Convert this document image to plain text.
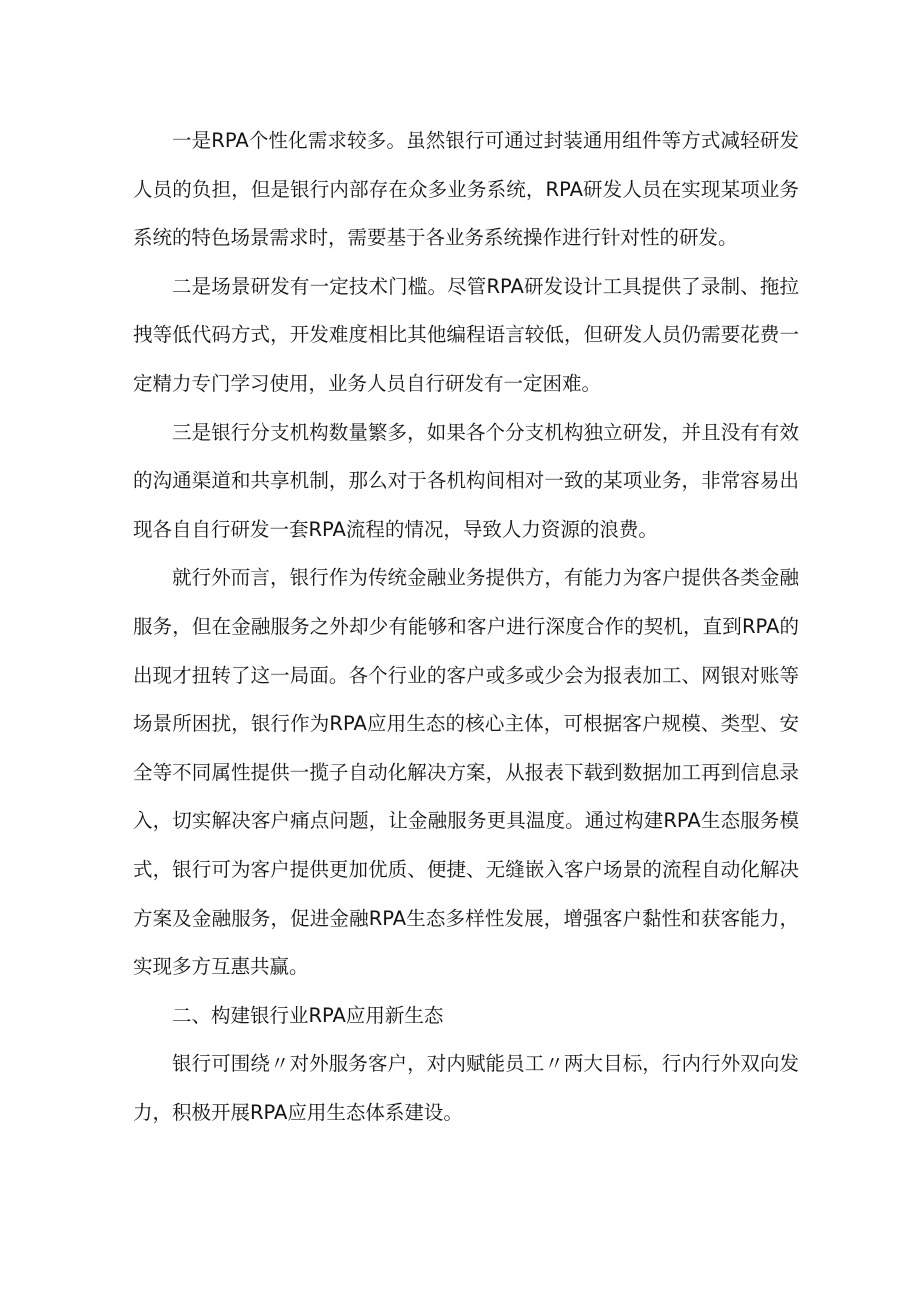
一是RPA个性化需求较多。虽然银行可通过封装通用组件等方式减轻研发人员的负担，但是银行内部存在众多业务系统，RPA研发人员在实现某项业务系统的特色场景需求时，需要基于各业务系统操作进行针对性的研发。

二是场景研发有一定技术门槛。尽管RPA研发设计工具提供了录制、拖拉拽等低代码方式，开发难度相比其他编程语言较低，但研发人员仍需要花费一定精力专门学习使用，业务人员自行研发有一定困难。

三是银行分支机构数量繁多，如果各个分支机构独立研发，并且没有有效的沟通渠道和共享机制，那么对于各机构间相对一致的某项业务，非常容易出现各自自行研发一套RPA流程的情况，导致人力资源的浪费。

就行外而言，银行作为传统金融业务提供方，有能力为客户提供各类金融服务，但在金融服务之外却少有能够和客户进行深度合作的契机，直到RPA的出现才扭转了这一局面。各个行业的客户或多或少会为报表加工、网银对账等场景所困扰，银行作为RPA应用生态的核心主体，可根据客户规模、类型、安全等不同属性提供一揽子自动化解决方案，从报表下载到数据加工再到信息录入，切实解决客户痛点问题，让金融服务更具温度。通过构建RPA生态服务模式，银行可为客户提供更加优质、便捷、无缝嵌入客户场景的流程自动化解决方案及金融服务，促进金融RPA生态多样性发展，增强客户黏性和获客能力，实现多方互惠共赢。

二、构建银行业RPA应用新生态

银行可围绕〃对外服务客户，对内赋能员工〃两大目标，行内行外双向发力，积极开展RPA应用生态体系建设。
